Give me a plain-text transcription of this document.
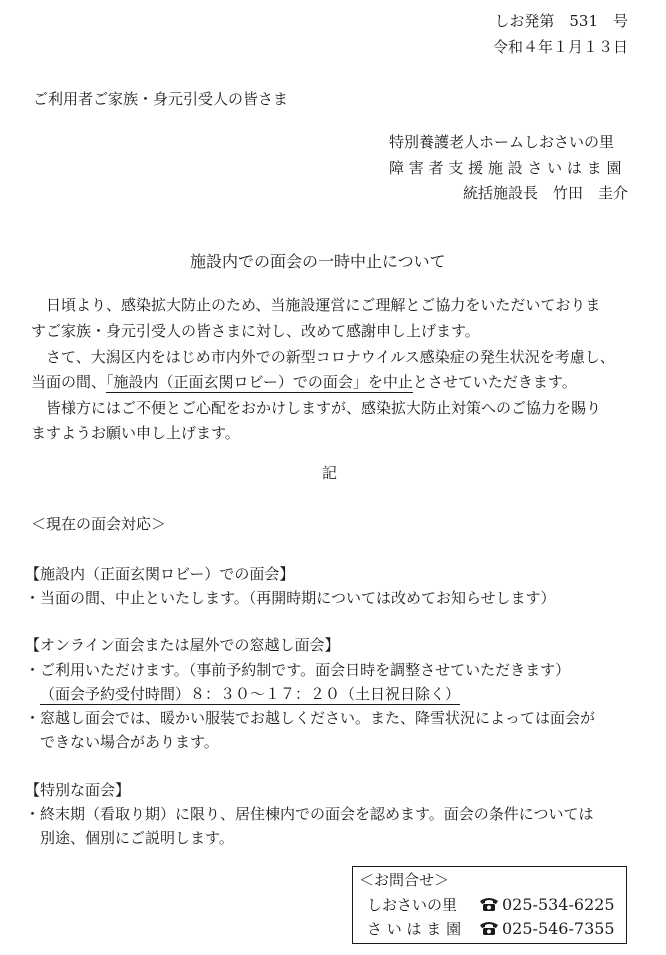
しお発第　531　号
令和４年１月１３日
ご利用者ご家族・身元引受人の皆さま
特別養護老人ホームしおさいの里
障 害 者 支 援 施 設 さ い は ま 園
統括施設長　竹田　圭介
施設内での面会の一時中止について
日頃より、感染拡大防止のため、当施設運営にご理解とご協力をいただいておりま
すご家族・身元引受人の皆さまに対し、改めて感謝申し上げます。
さて、大潟区内をはじめ市内外での新型コロナウイルス感染症の発生状況を考慮し、
当面の間、「施設内（正面玄関ロビー）での面会」を中止とさせていただきます。
皆様方にはご不便とご心配をおかけしますが、感染拡大防止対策へのご協力を賜り
ますようお願い申し上げます。
記
＜現在の面会対応＞
【施設内（正面玄関ロビー）での面会】
・当面の間、中止といたします。（再開時期については改めてお知らせします）
【オンライン面会または屋外での窓越し面会】
・ご利用いただけます。（事前予約制です。面会日時を調整させていただきます）
（面会予約受付時間）８：３０～１７：２０（土日祝日除く）
・窓越し面会では、暖かい服装でお越しください。また、降雪状況によっては面会が
できない場合があります。
【特別な面会】
・終末期（看取り期）に限り、居住棟内での面会を認めます。面会の条件については
別途、個別にご説明します。
＜お問合せ＞
しおさいの里	025-534-6225
さ い は ま 園	025-546-7355
